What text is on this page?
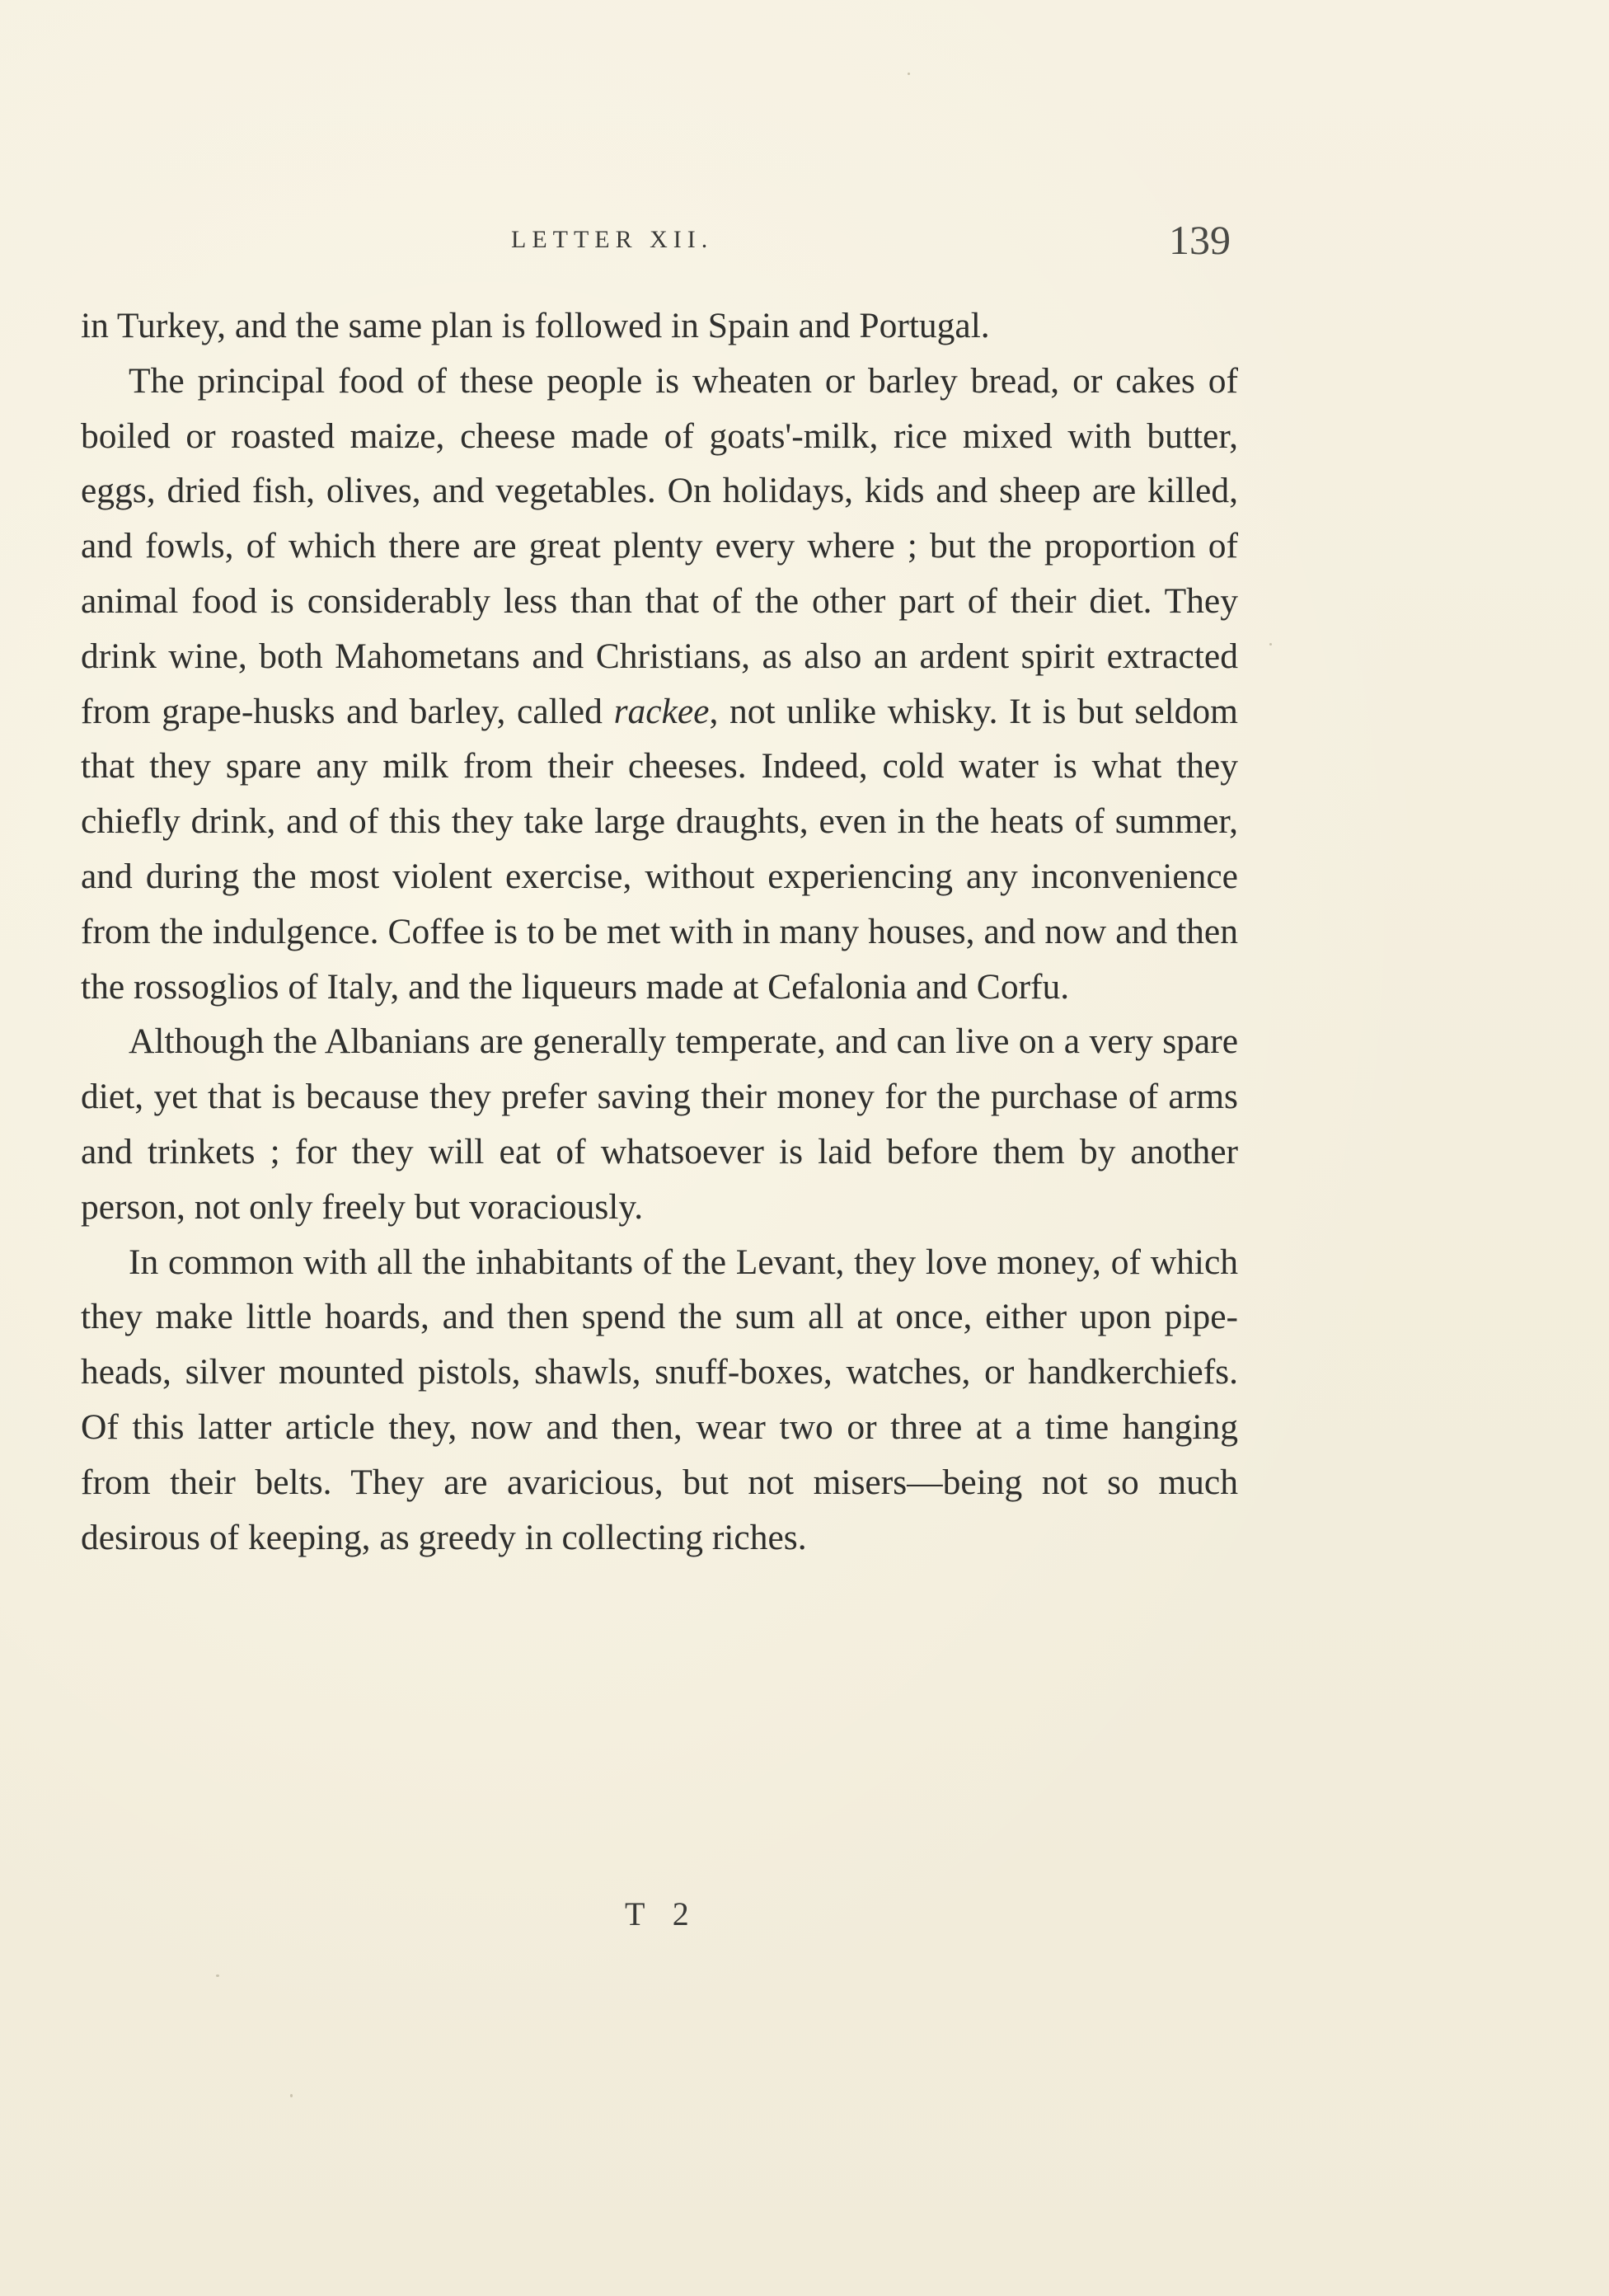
LETTER XII.	139

in Turkey, and the same plan is followed in Spain and Portugal.

The principal food of these people is wheaten or barley bread, or cakes of boiled or roasted maize, cheese made of goats'-milk, rice mixed with butter, eggs, dried fish, olives, and vegetables. On holidays, kids and sheep are killed, and fowls, of which there are great plenty every where ; but the proportion of animal food is considerably less than that of the other part of their diet. They drink wine, both Mahometans and Christians, as also an ardent spirit extracted from grape-husks and barley, called rackee, not unlike whisky. It is but seldom that they spare any milk from their cheeses. Indeed, cold water is what they chiefly drink, and of this they take large draughts, even in the heats of summer, and during the most violent exercise, without experiencing any inconvenience from the indulgence. Coffee is to be met with in many houses, and now and then the rossoglios of Italy, and the liqueurs made at Cefalonia and Corfu.

Although the Albanians are generally temperate, and can live on a very spare diet, yet that is because they prefer saving their money for the purchase of arms and trinkets ; for they will eat of whatsoever is laid before them by another person, not only freely but voraciously.

In common with all the inhabitants of the Levant, they love money, of which they make little hoards, and then spend the sum all at once, either upon pipe-heads, silver mounted pistols, shawls, snuff-boxes, watches, or handkerchiefs. Of this latter article they, now and then, wear two or three at a time hanging from their belts. They are avaricious, but not misers—being not so much desirous of keeping, as greedy in collecting riches.

T 2
